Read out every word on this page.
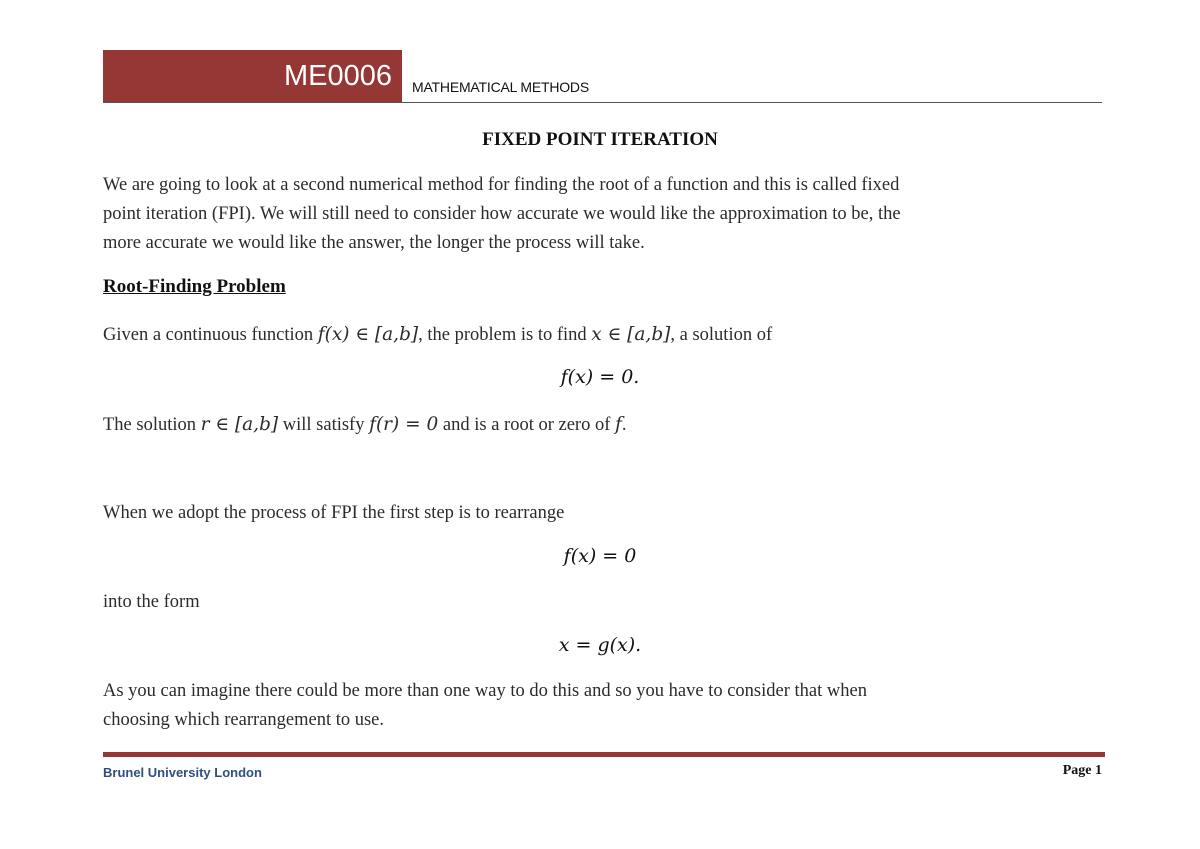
ME0006	MATHEMATICAL METHODS
FIXED POINT ITERATION
We are going to look at a second numerical method for finding the root of a function and this is called fixed
point iteration (FPI). We will still need to consider how accurate we would like the approximation to be, the
more accurate we would like the answer, the longer the process will take.
Root-Finding Problem
Given a continuous function f(x) ∈ [a,b], the problem is to find x ∈ [a,b], a solution of
f(x) = 0.
The solution r ∈ [a,b] will satisfy f(r) = 0 and is a root or zero of f.
When we adopt the process of FPI the first step is to rearrange
f(x) = 0
into the form
x = g(x).
As you can imagine there could be more than one way to do this and so you have to consider that when
choosing which rearrangement to use.
Brunel University London	Page 1
